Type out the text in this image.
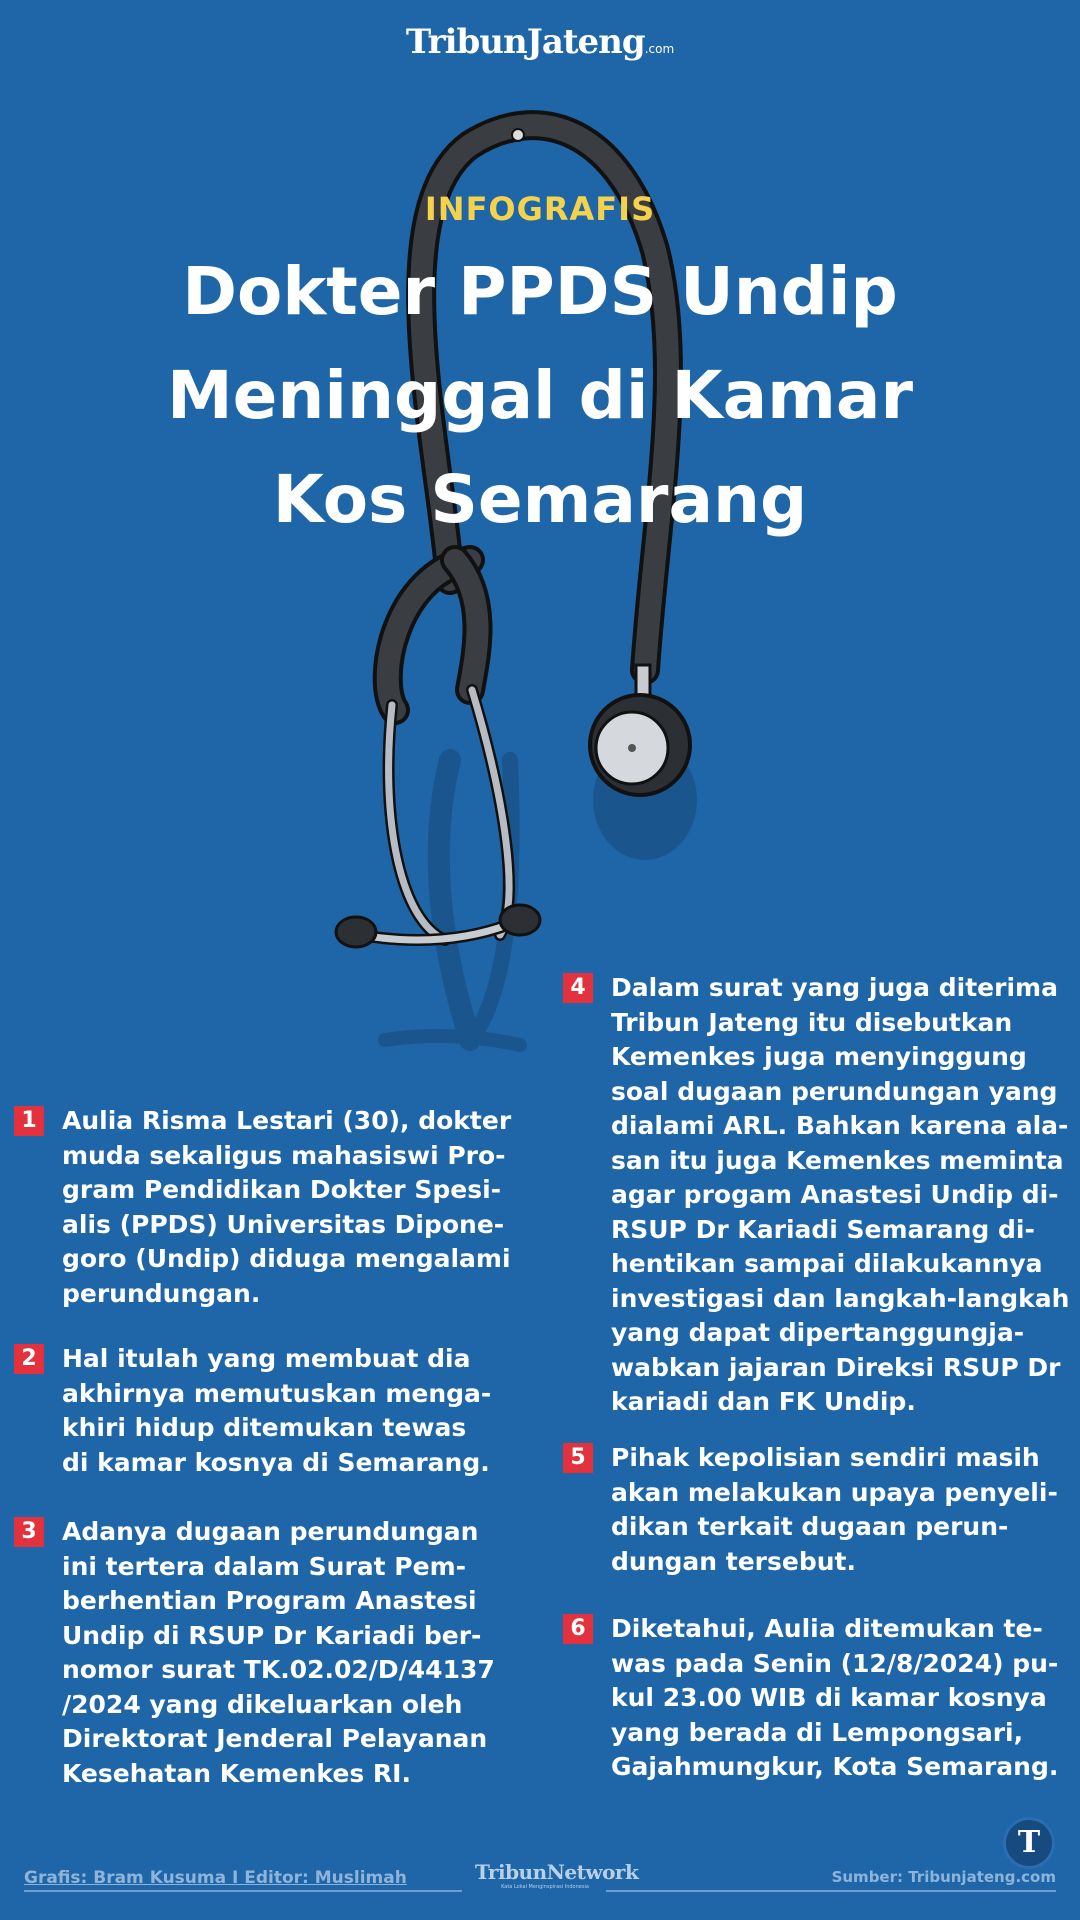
TribunJateng.com
INFOGRAFIS
Dokter PPDS Undip
Meninggal di Kamar
Kos Semarang
1 Aulia Risma Lestari (30), dokter
muda sekaligus mahasiswi Pro-
gram Pendidikan Dokter Spesi-
alis (PPDS) Universitas Dipone-
goro (Undip) diduga mengalami
perundungan.
2 Hal itulah yang membuat dia
akhirnya memutuskan menga-
khiri hidup ditemukan tewas
di kamar kosnya di Semarang.
3 Adanya dugaan perundungan
ini tertera dalam Surat Pem-
berhentian Program Anastesi
Undip di RSUP Dr Kariadi ber-
nomor surat TK.02.02/D/44137
/2024 yang dikeluarkan oleh
Direktorat Jenderal Pelayanan
Kesehatan Kemenkes RI.
4 Dalam surat yang juga diterima
Tribun Jateng itu disebutkan
Kemenkes juga menyinggung
soal dugaan perundungan yang
dialami ARL. Bahkan karena ala-
san itu juga Kemenkes meminta
agar progam Anastesi Undip di-
RSUP Dr Kariadi Semarang di-
hentikan sampai dilakukannya
investigasi dan langkah-langkah
yang dapat dipertanggungja-
wabkan jajaran Direksi RSUP Dr
kariadi dan FK Undip.
5 Pihak kepolisian sendiri masih
akan melakukan upaya penyeli-
dikan terkait dugaan perun-
dungan tersebut.
6 Diketahui, Aulia ditemukan te-
was pada Senin (12/8/2024) pu-
kul 23.00 WIB di kamar kosnya
yang berada di Lempongsari,
Gajahmungkur, Kota Semarang.
T
Grafis: Bram Kusuma I Editor: Muslimah	TribunNetwork
Kata Lokal Menginspirasi Indonesia
Sumber: Tribunjateng.com
